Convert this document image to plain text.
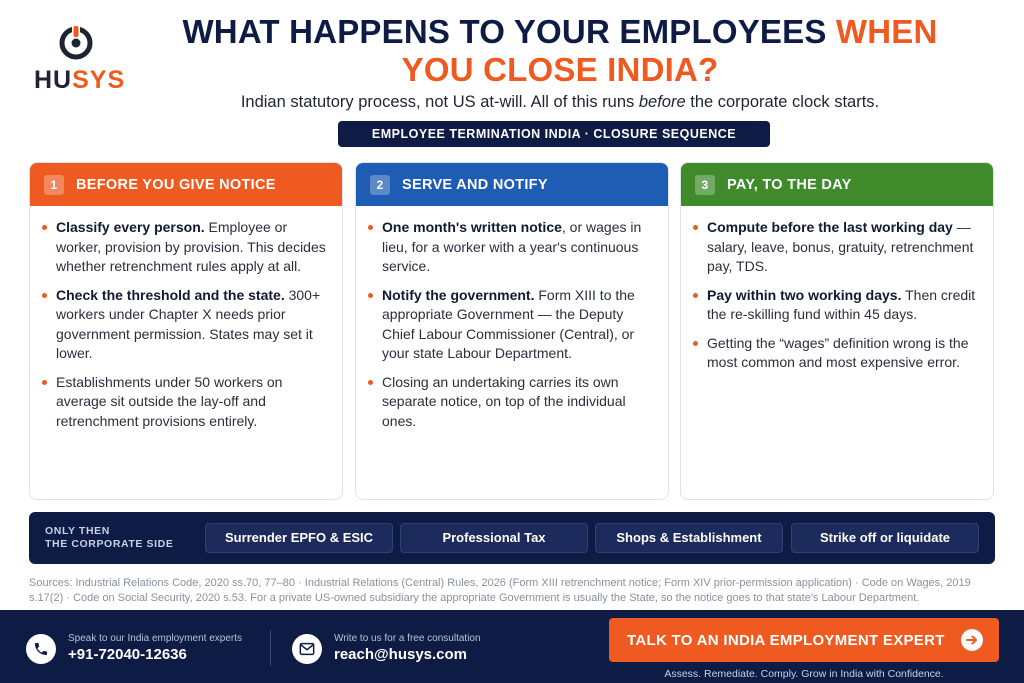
HUSYS
WHAT HAPPENS TO YOUR EMPLOYEES WHEN
YOU CLOSE INDIA?
Indian statutory process, not US at-will. All of this runs before the corporate clock starts.
EMPLOYEE TERMINATION INDIA · CLOSURE SEQUENCE
1	BEFORE YOU GIVE NOTICE
Classify every person. Employee or worker, provision by provision. This decides whether retrenchment rules apply at all.
Check the threshold and the state. 300+ workers under Chapter X needs prior government permission. States may set it lower.
Establishments under 50 workers on average sit outside the lay-off and retrenchment provisions entirely.
2	SERVE AND NOTIFY
One month's written notice, or wages in lieu, for a worker with a year's continuous service.
Notify the government. Form XIII to the appropriate Government — the Deputy Chief Labour Commissioner (Central), or your state Labour Department.
Closing an undertaking carries its own separate notice, on top of the individual ones.
3	PAY, TO THE DAY
Compute before the last working day — salary, leave, bonus, gratuity, retrenchment pay, TDS.
Pay within two working days. Then credit the re-skilling fund within 45 days.
Getting the “wages” definition wrong is the most common and most expensive error.
ONLY THEN
THE CORPORATE SIDE	Surrender EPFO & ESIC	Professional Tax	Shops & Establishment	Strike off or liquidate
Sources: Industrial Relations Code, 2020 ss.70, 77–80 · Industrial Relations (Central) Rules, 2026 (Form XIII retrenchment notice; Form XIV prior-permission application) · Code on Wages, 2019 s.17(2) · Code on Social Security, 2020 s.53. For a private US-owned subsidiary the appropriate Government is usually the State, so the notice goes to that state's Labour Department.
Speak to our India employment experts
+91-72040-12636
Write to us for a free consultation
reach@husys.com
TALK TO AN INDIA EMPLOYMENT EXPERT
Assess. Remediate. Comply. Grow in India with Confidence.
